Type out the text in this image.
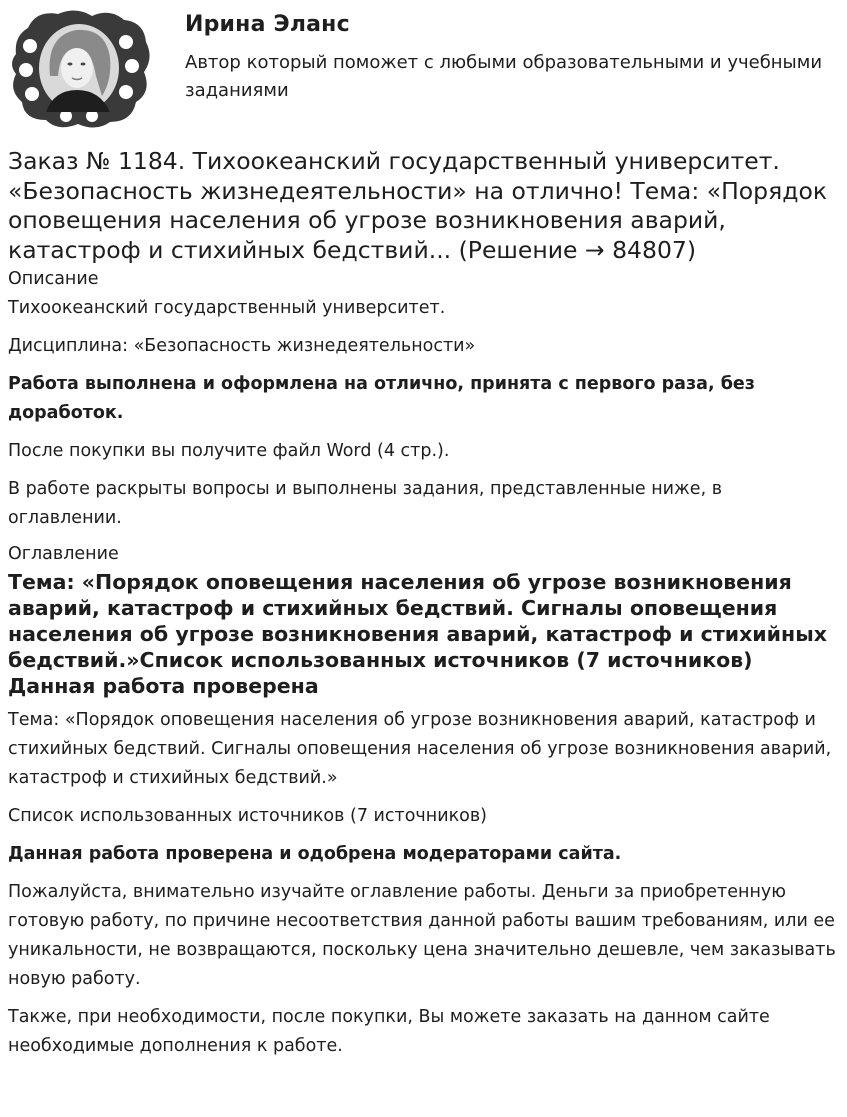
Ирина Эланс
Автор который поможет с любыми образовательными и учебными заданиями
Заказ № 1184. Тихоокеанский государственный университет. «Безопасность жизнедеятельности» на отлично! Тема: «Порядок оповещения населения об угрозе возникновения аварий, катастроф и стихийных бедствий... (Решение → 84807)
Описание

Тихоокеанский государственный университет.

Дисциплина: «Безопасность жизнедеятельности»

Работа выполнена и оформлена на отлично, принята с первого раза, без доработок.

После покупки вы получите файл Word (4 стр.).

В работе раскрыты вопросы и выполнены задания, представленные ниже, в оглавлении.

Оглавление
Тема: «Порядок оповещения населения об угрозе возникновения аварий, катастроф и стихийных бедствий. Сигналы оповещения населения об угрозе возникновения аварий, катастроф и стихийных бедствий.»Список использованных источников (7 источников) Данная работа проверена

Тема: «Порядок оповещения населения об угрозе возникновения аварий, катастроф и стихийных бедствий. Сигналы оповещения населения об угрозе возникновения аварий, катастроф и стихийных бедствий.»

Список использованных источников (7 источников)

Данная работа проверена и одобрена модераторами сайта.

Пожалуйста, внимательно изучайте оглавление работы. Деньги за приобретенную готовую работу, по причине несоответствия данной работы вашим требованиям, или ее уникальности, не возвращаются, поскольку цена значительно дешевле, чем заказывать новую работу.

Также, при необходимости, после покупки, Вы можете заказать на данном сайте необходимые дополнения к работе.
